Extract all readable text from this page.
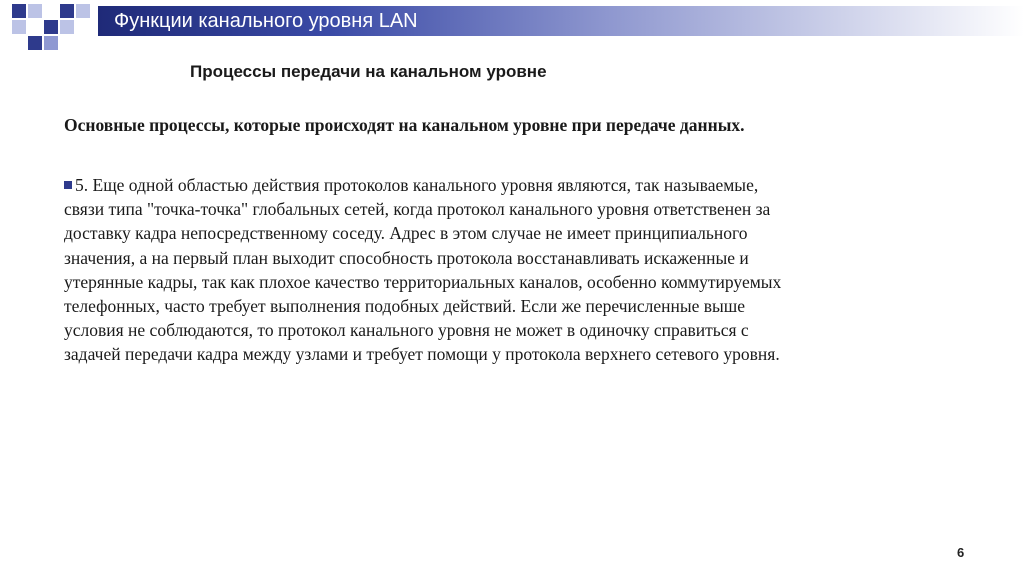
Функции канального уровня LAN
Процессы передачи на канальном уровне
Основные процессы, которые происходят на канальном уровне при передаче данных.
5. Еще одной областью действия протоколов канального уровня являются, так называемые,
связи типа "точка-точка" глобальных сетей, когда протокол канального уровня ответственен за
доставку кадра непосредственному соседу. Адрес в этом случае не имеет принципиального
значения, а на первый план выходит способность протокола восстанавливать искаженные и
утерянные кадры, так как плохое качество территориальных каналов, особенно коммутируемых
телефонных, часто требует выполнения подобных действий. Если же перечисленные выше
условия не соблюдаются, то протокол канального уровня не может в одиночку справиться с
задачей передачи кадра между узлами и требует помощи у протокола верхнего сетевого уровня.
6
